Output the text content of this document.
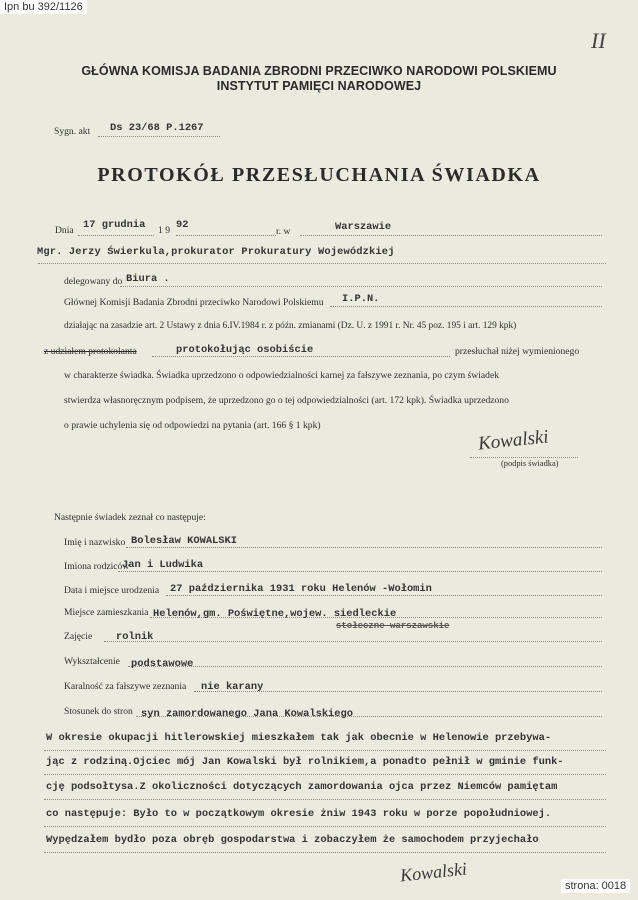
Ipn bu 392/1126
II
GŁÓWNA KOMISJA BADANIA ZBRODNI PRZECIWKO NARODOWI POLSKIEMU
INSTYTUT PAMIĘCI NARODOWEJ
Sygn. akt Ds 23/68 P.1267
PROTOKÓŁ PRZESŁUCHANIA ŚWIADKA
Dnia 17 grudnia 1 9 92
r. w	Warszawie
Mgr. Jerzy Świerkula,prokurator Prokuratury Wojewódzkiej
delegowany do Biura .
Głównej Komisji Badania Zbrodni przeciwko Narodowi Polskiemu I.P.N.
działając na zasadzie art. 2 Ustawy z dnia 6.IV.1984 r. z późn. zmianami (Dz. U. z 1991 r. Nr. 45 poz. 195 i art. 129 kpk)
z udziałem protokolanta	protokołując osobiście	przesłuchał niżej wymienionego
w charakterze świadka. Świadka uprzedzono o odpowiedzialności karnej za fałszywe zeznania, po czym świadek
stwierdza własnoręcznym podpisem, że uprzedzono go o tej odpowiedzialności (art. 172 kpk). Świadka uprzedzono
o prawie uchylenia się od odpowiedzi na pytania (art. 166 § 1 kpk)
Kowalski
(podpis świadka)
Następnie świadek zeznał co następuje:
Imię i nazwisko Bolesław KOWALSKI
Imiona rodziców
Jan i Ludwika
Data i miejsce urodzenia 27 października 1931 roku Helenów -Wołomin
Miejsce zamieszkania Helenów,gm. Poświętne,wojew. siedleckie
stołeczne warszawskie
Zajęcie rolnik
Wykształcenie podstawowe
Karalność za fałszywe zeznania nie karany
Stosunek do stron syn zamordowanego Jana Kowalskiego
W okresie okupacji hitlerowskiej mieszkałem tak jak obecnie w Helenowie przebywa-
jąc z rodziną.Ojciec mój Jan Kowalski był rolnikiem,a ponadto pełnił w gminie funk-
cję podsołtysa.Z okoliczności dotyczących zamordowania ojca przez Niemców pamiętam
co następuje: Było to w początkowym okresie żniw 1943 roku w porze popołudniowej.
Wypędzałem bydło poza obręb gospodarstwa i zobaczyłem że samochodem przyjechało
Kowalski
strona: 0018
